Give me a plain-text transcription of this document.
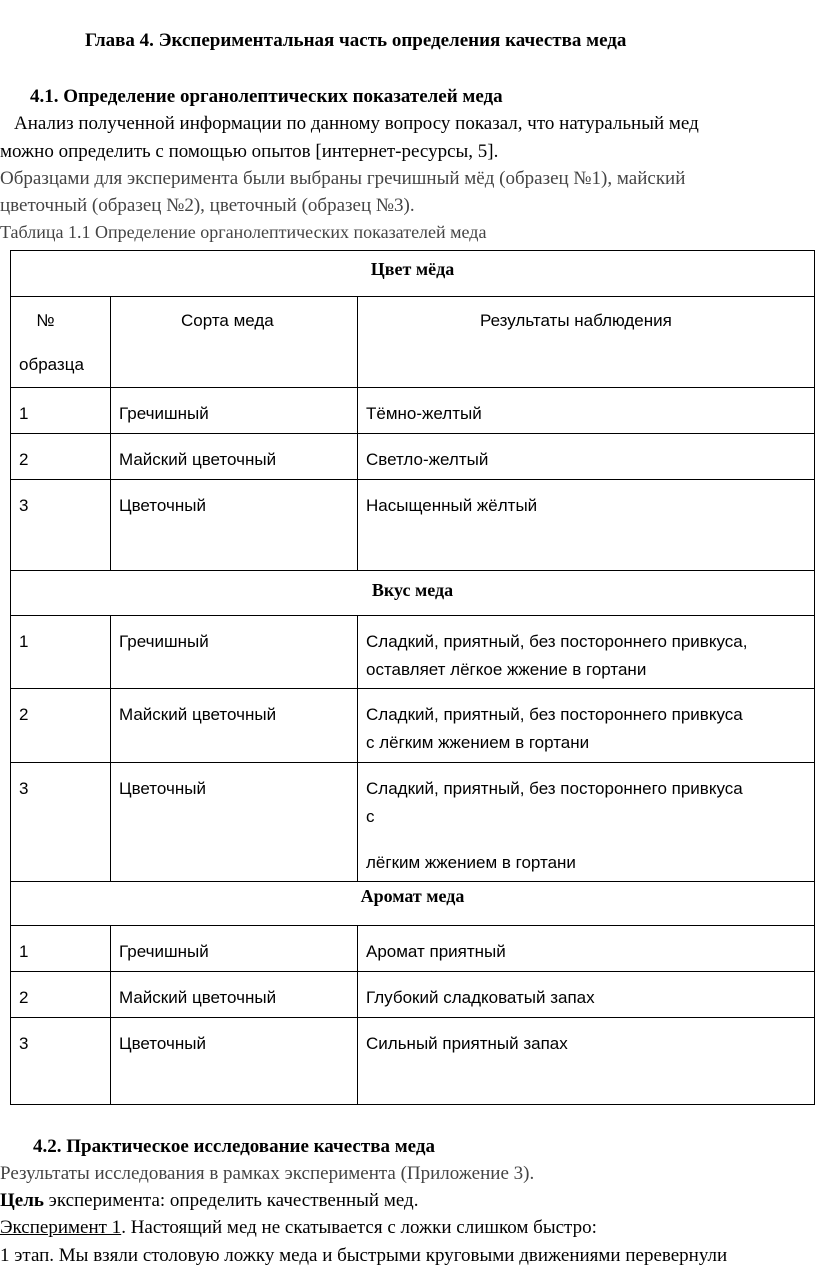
Глава 4. Экспериментальная часть определения качества меда
4.1. Определение органолептических показателей меда
Анализ полученной информации по данному вопросу показал, что натуральный мед
можно определить с помощью опытов [интернет-ресурсы, 5].
Образцами для эксперимента были выбраны гречишный мёд (образец №1), майский
цветочный (образец №2), цветочный (образец №3).
Таблица 1.1 Определение органолептических показателей меда
Цвет мёда		

№
образца	Сорта меда	Результаты наблюдения
1	Гречишный	Тёмно-желтый
2	Майский цветочный	Светло-желтый
3	Цветочный	Насыщенный жёлтый
Вкус меда		
1	Гречишный	Сладкий, приятный, без постороннего привкуса,
оставляет лёгкое жжение в гортани

2	Майский цветочный	Сладкий, приятный, без постороннего привкуса
с лёгким жжением в гортани

3	Цветочный	Сладкий, приятный, без постороннего привкуса
с
лёгким жжением в гортани

Аромат меда		
1	Гречишный	Аромат приятный
2	Майский цветочный	Глубокий сладковатый запах
3	Цветочный	Сильный приятный запах
4.2. Практическое исследование качества меда
Результаты исследования в рамках эксперимента (Приложение 3).
Цель эксперимента: определить качественный мед.
Эксперимент 1. Настоящий мед не скатывается с ложки слишком быстро:
1 этап. Мы взяли столовую ложку меда и быстрыми круговыми движениями перевернули
